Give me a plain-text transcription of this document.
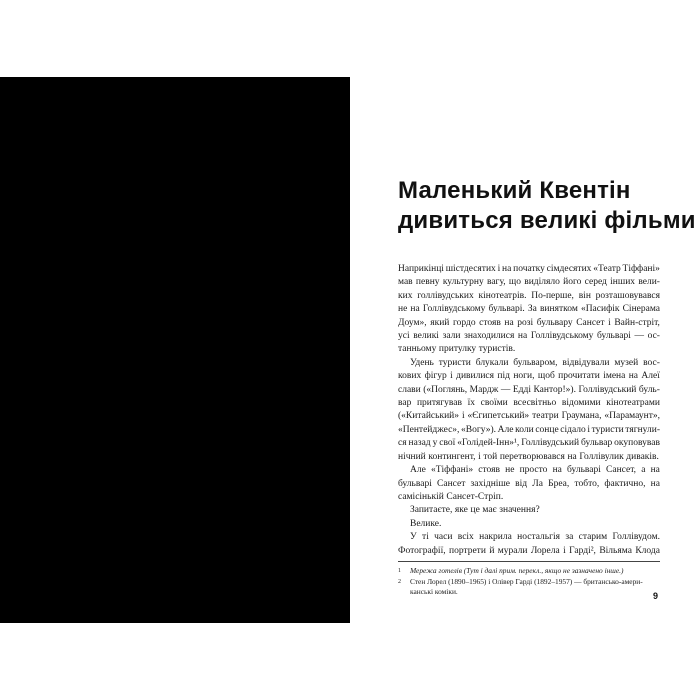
Маленький Квентін
дивиться великі фільми
Наприкінці шістдесятих і на початку сімдесятих «Театр Тіффані»
мав певну культурну вагу, що виділяло його серед інших вели-
ких голлівудських кінотеатрів. По-перше, він розташовувався
не на Голлівудському бульварі. За винятком «Пасифік Сінерама
Доум», який гордо стояв на розі бульвару Сансет і Вайн-стріт,
усі великі зали знаходилися на Голлівудському бульварі — ос-
танньому притулку туристів.
Удень туристи блукали бульваром, відвідували музей вос-
кових фігур і дивилися під ноги, щоб прочитати імена на Алеї
слави («Поглянь, Мардж — Едді Кантор!»). Голлівудський буль-
вар притягував їх своїми всесвітньо відомими кінотеатрами
(«Китайський» і «Єгипетський» театри Граумана, «Парамаунт»,
«Пентейджес», «Вогу»). Але коли сонце сідало і туристи тягнули-
ся назад у свої «Голідей-Інн»¹, Голлівудський бульвар окуповував
нічний контингент, і той перетворювався на Голлівулик диваків.
Але «Тіффані» стояв не просто на бульварі Сансет, а на
бульварі Сансет західніше від Ла Бреа, тобто, фактично, на
самісінькій Сансет-Стріп.
Запитаєте, яке це має значення?
Велике.
У ті часи всіх накрила ностальгія за старим Голлівудом.
Фотографії, портрети й мурали Лорела і Гарді², Вільяма Клода
1	Мережа готелів (Тут і далі прим. перекл., якщо не зазначено інше.)
2	Стен Лорел (1890–1965) і Олівер Гарді (1892–1957) — британсько-амери-
канські коміки.	9
